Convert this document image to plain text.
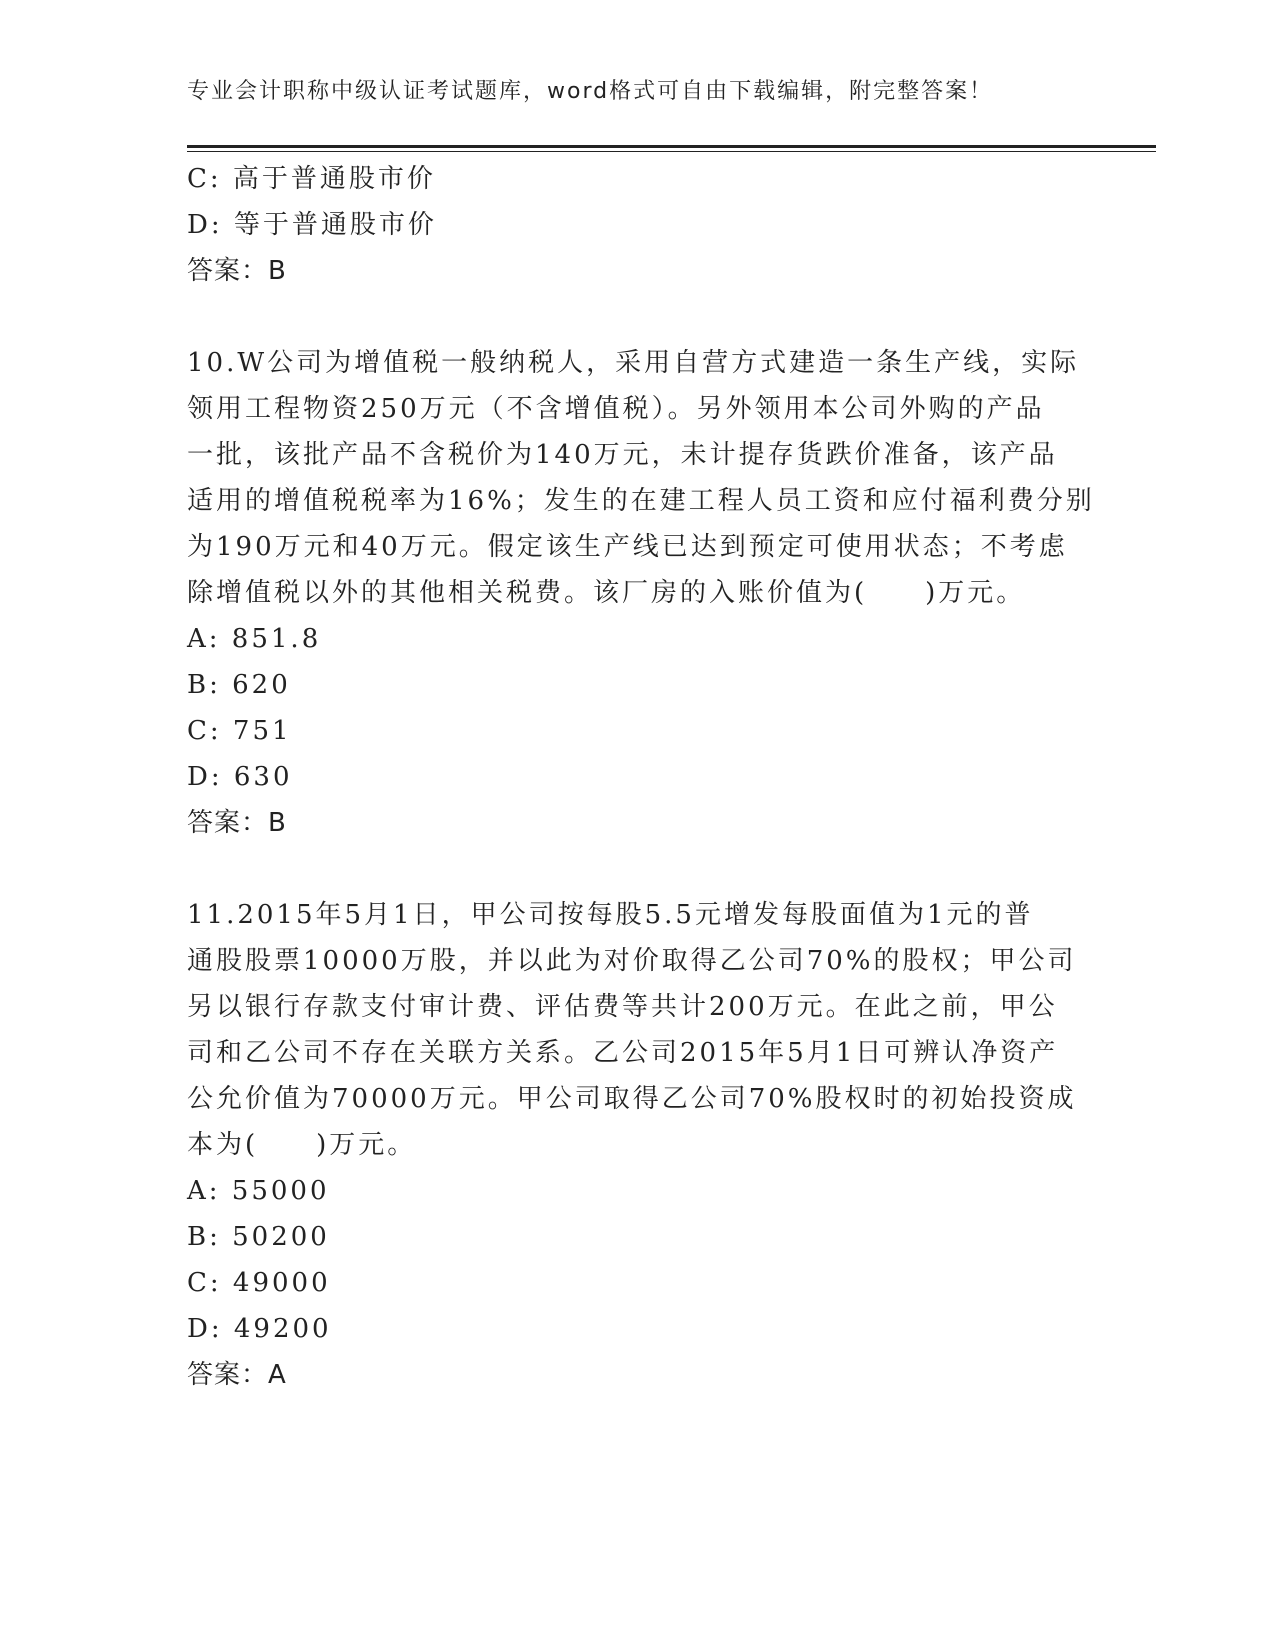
专业会计职称中级认证考试题库，word格式可自由下载编辑，附完整答案！
C: 高于普通股市价
D: 等于普通股市价
答案：B
10.W公司为增值税一般纳税人，采用自营方式建造一条生产线，实际
领用工程物资250万元（不含增值税）。另外领用本公司外购的产品
一批，该批产品不含税价为140万元，未计提存货跌价准备，该产品
适用的增值税税率为16%；发生的在建工程人员工资和应付福利费分别
为190万元和40万元。假定该生产线已达到预定可使用状态；不考虑
除增值税以外的其他相关税费。该厂房的入账价值为(　　)万元。
A: 851.8
B: 620
C: 751
D: 630
答案：B
11.2015年5月1日，甲公司按每股5.5元增发每股面值为1元的普
通股股票10000万股，并以此为对价取得乙公司70%的股权；甲公司
另以银行存款支付审计费、评估费等共计200万元。在此之前，甲公
司和乙公司不存在关联方关系。乙公司2015年5月1日可辨认净资产
公允价值为70000万元。甲公司取得乙公司70%股权时的初始投资成
本为(　　)万元。
A: 55000
B: 50200
C: 49000
D: 49200
答案：A
